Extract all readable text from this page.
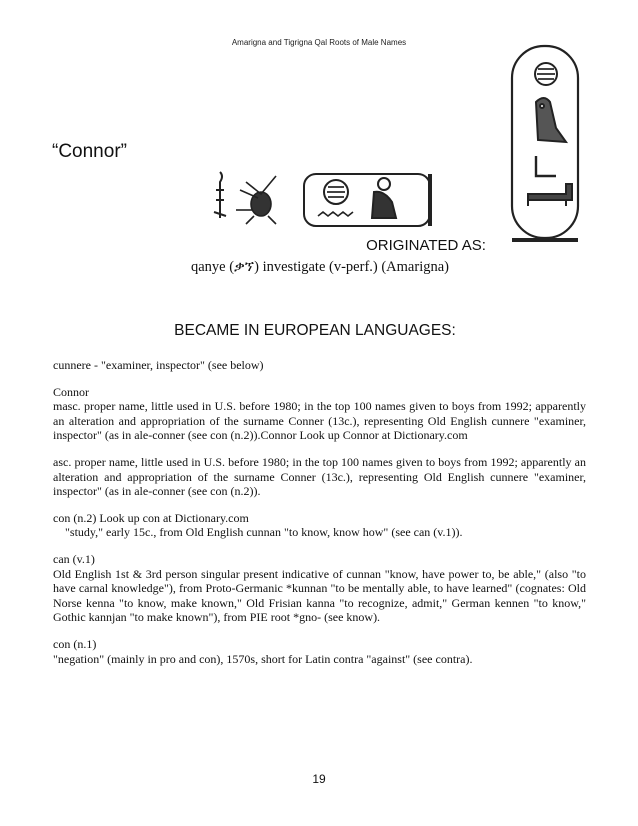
Amarigna and Tigrigna Qal Roots of Male Names
“Connor”
ORIGINATED AS:
qanye (ቃኘ) investigate (v-perf.) (Amarigna)
BECAME IN EUROPEAN LANGUAGES:

cunnere - "examiner, inspector" (see below)

Connor
masc. proper name, little used in U.S. before 1980; in the top 100 names given to boys from 1992; apparently an alteration and appropriation of the surname Conner (13c.), representing Old English cunnere "examiner, inspector" (as in ale-conner (see con (n.2)).Connor Look up Connor at Dictionary.com

asc. proper name, little used in U.S. before 1980; in the top 100 names given to boys from 1992; apparently an alteration and appropriation of the surname Conner (13c.), representing Old English cunnere "examiner, inspector" (as in ale-conner (see con (n.2)).

con (n.2) Look up con at Dictionary.com
"study," early 15c., from Old English cunnan "to know, know how" (see can (v.1)).

can (v.1)
Old English 1st & 3rd person singular present indicative of cunnan "know, have power to, be able," (also "to have carnal knowledge"), from Proto-Germanic *kunnan "to be mentally able, to have learned" (cognates: Old Norse kenna "to know, make known," Old Frisian kanna "to recognize, admit," German kennen "to know," Gothic kannjan "to make known"), from PIE root *gno- (see know).

con (n.1)
"negation" (mainly in pro and con), 1570s, short for Latin contra "against" (see contra).

19
